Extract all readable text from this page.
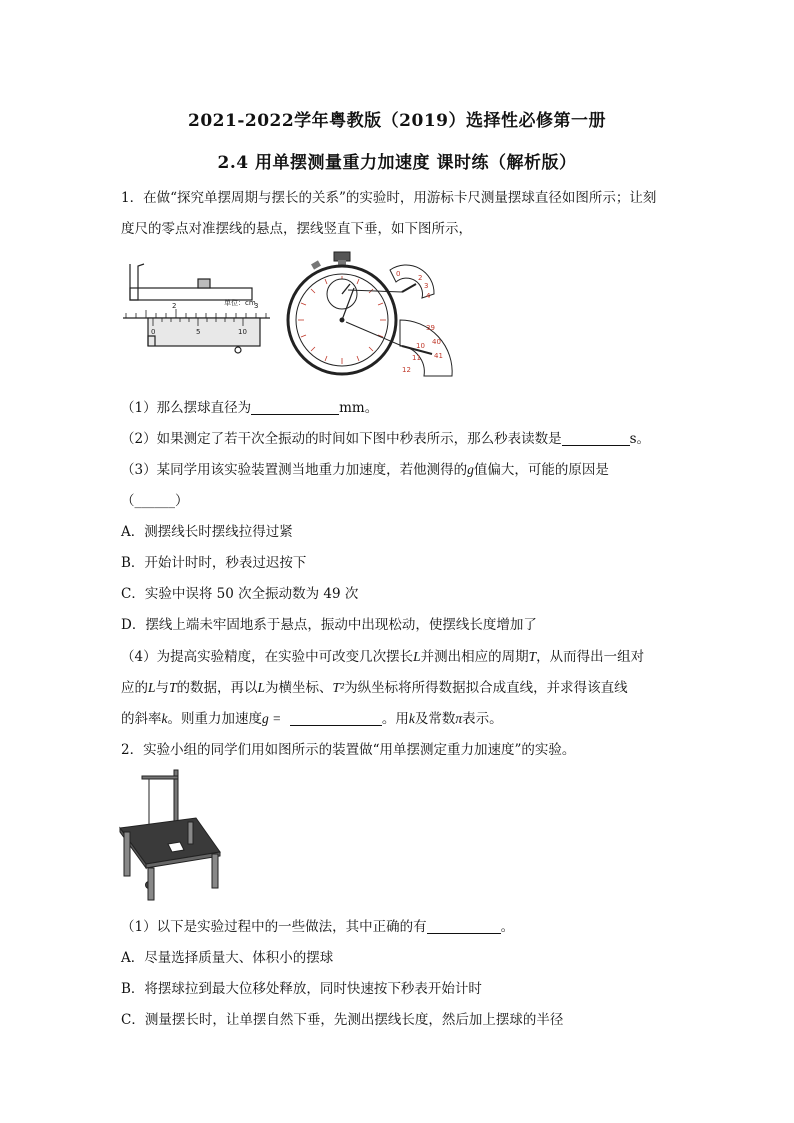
2021-2022学年粤教版（2019）选择性必修第一册
2.4 用单摆测量重力加速度 课时练（解析版）
1．在做“探究单摆周期与摆长的关系”的实验时，用游标卡尺测量摆球直径如图所示；让刻
度尺的零点对准摆线的悬点，摆线竖直下垂，如下图所示，
单位：cm
2	3
0	5	10
0	2
3
4
39
40
41
10
11
12
（1）那么摆球直径为	mm。
（2）如果测定了若干次全振动的时间如下图中秒表所示，那么秒表读数是	s。
（3）某同学用该实验装置测当地重力加速度，若他测得的g值偏大，可能的原因是
（______）
A．测摆线长时摆线拉得过紧
B．开始计时时，秒表过迟按下
C．实验中误将 50 次全振动数为 49 次
D．摆线上端未牢固地系于悬点，振动中出现松动，使摆线长度增加了
（4）为提高实验精度，在实验中可改变几次摆长L并测出相应的周期T，从而得出一组对
应的L与T的数据，再以L为横坐标、T²为纵坐标将所得数据拟合成直线，并求得该直线
的斜率k。则重力加速度g =	。用k及常数π表示。
2．实验小组的同学们用如图所示的装置做“用单摆测定重力加速度”的实验。
（1）以下是实验过程中的一些做法，其中正确的有	。
A．尽量选择质量大、体积小的摆球
B．将摆球拉到最大位移处释放，同时快速按下秒表开始计时
C．测量摆长时，让单摆自然下垂，先测出摆线长度，然后加上摆球的半径
